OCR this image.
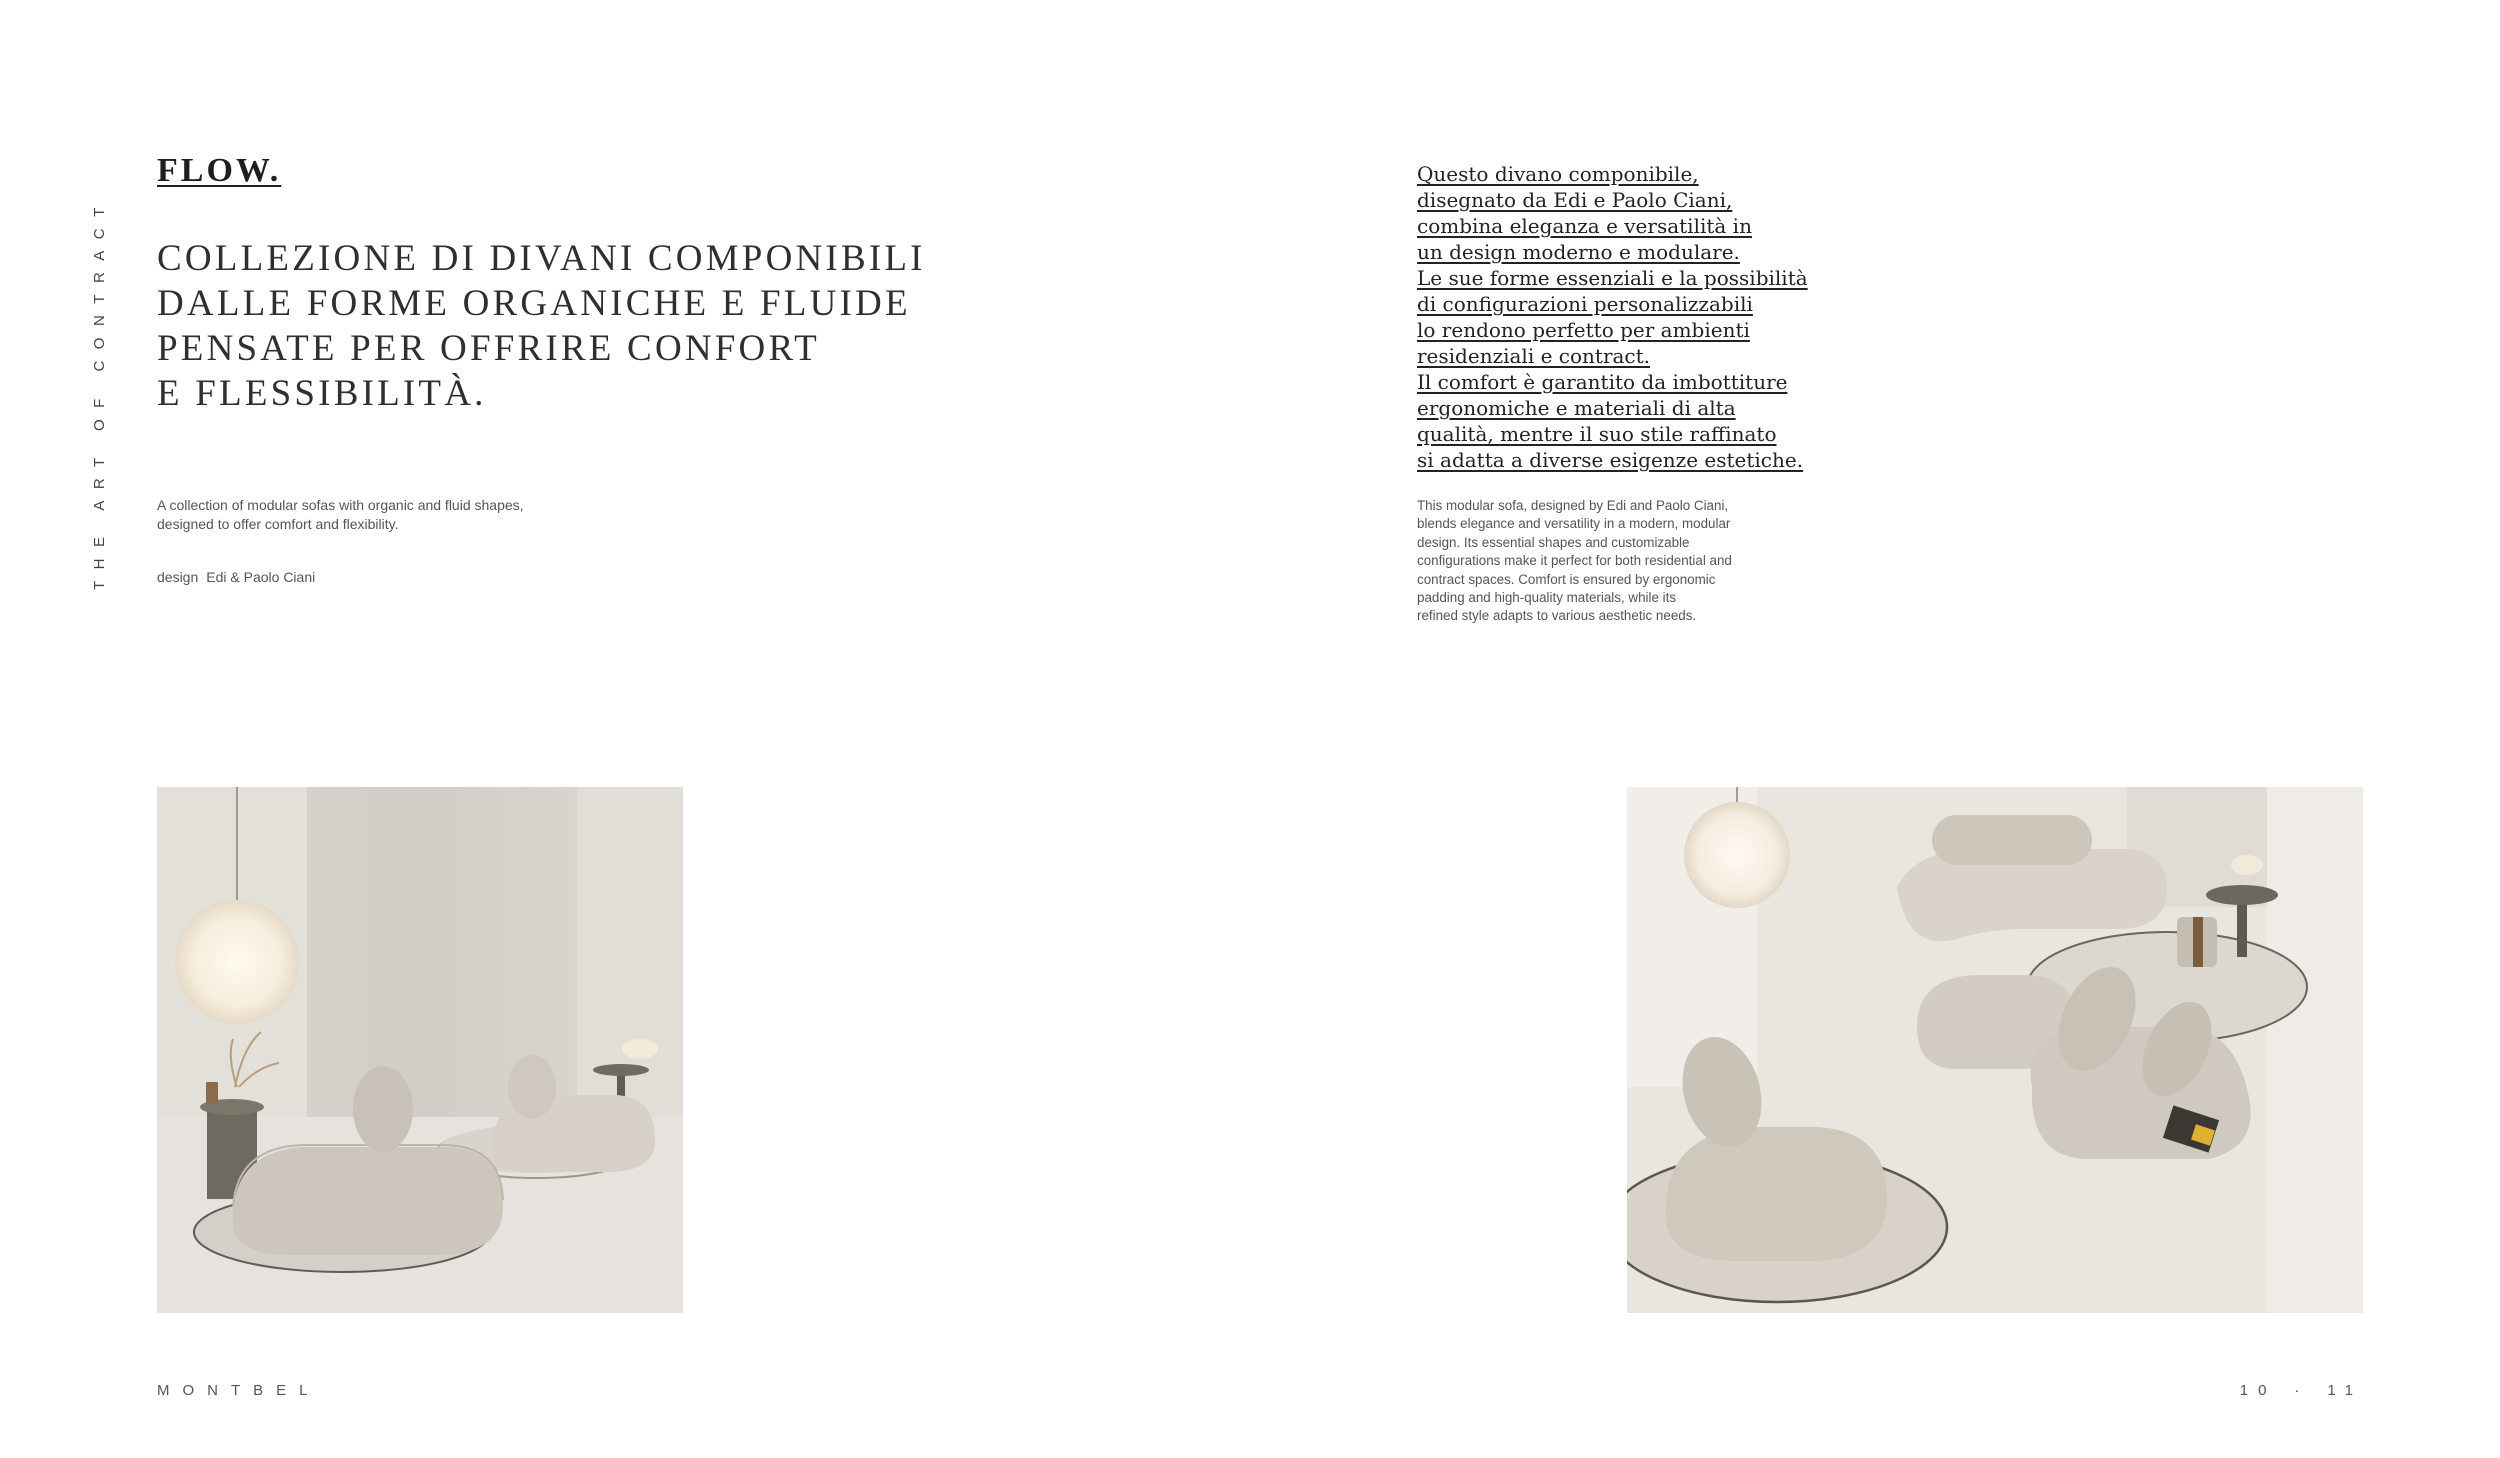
THE ART OF CONTRACT
FLOW.
COLLEZIONE DI DIVANI COMPONIBILI
DALLE FORME ORGANICHE E FLUIDE
PENSATE PER OFFRIRE CONFORT
E FLESSIBILITÀ.
A collection of modular sofas with organic and fluid shapes,
designed to offer comfort and flexibility.
design Edi & Paolo Ciani
Questo divano componibile,
disegnato da Edi e Paolo Ciani,
combina eleganza e versatilità in
un design moderno e modulare.
Le sue forme essenziali e la possibilità
di configurazioni personalizzabili
lo rendono perfetto per ambienti
residenziali e contract.
Il comfort è garantito da imbottiture
ergonomiche e materiali di alta
qualità, mentre il suo stile raffinato
si adatta a diverse esigenze estetiche.
This modular sofa, designed by Edi and Paolo Ciani,
blends elegance and versatility in a modern, modular
design. Its essential shapes and customizable
configurations make it perfect for both residential and
contract spaces. Comfort is ensured by ergonomic
padding and high-quality materials, while its
refined style adapts to various aesthetic needs.
MONTBEL	10 · 11
